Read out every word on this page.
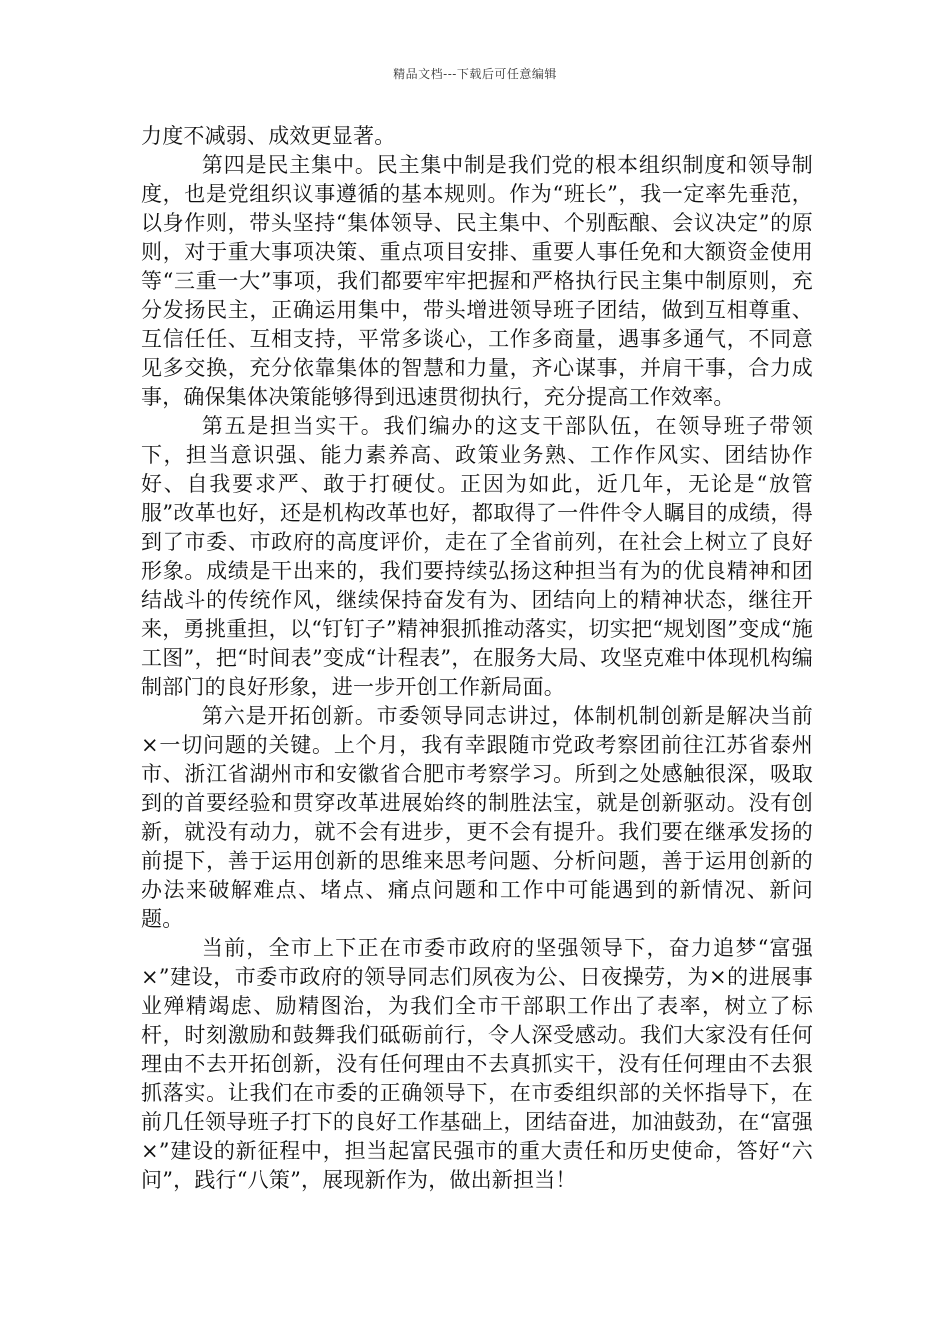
精品文档---下载后可任意编辑

力度不减弱、成效更显著。

第四是民主集中。民主集中制是我们党的根本组织制度和领导制度，也是党组织议事遵循的基本规则。作为“班长”，我一定率先垂范，以身作则，带头坚持“集体领导、民主集中、个别酝酿、会议决定”的原则，对于重大事项决策、重点项目安排、重要人事任免和大额资金使用等“三重一大”事项，我们都要牢牢把握和严格执行民主集中制原则，充分发扬民主，正确运用集中，带头增进领导班子团结，做到互相尊重、互信任任、互相支持，平常多谈心，工作多商量，遇事多通气，不同意见多交换，充分依靠集体的智慧和力量，齐心谋事，并肩干事，合力成事，确保集体决策能够得到迅速贯彻执行，充分提高工作效率。

第五是担当实干。我们编办的这支干部队伍，在领导班子带领下，担当意识强、能力素养高、政策业务熟、工作作风实、团结协作好、自我要求严、敢于打硬仗。正因为如此，近几年，无论是“放管服”改革也好，还是机构改革也好，都取得了一件件令人瞩目的成绩，得到了市委、市政府的高度评价，走在了全省前列，在社会上树立了良好形象。成绩是干出来的，我们要持续弘扬这种担当有为的优良精神和团结战斗的传统作风，继续保持奋发有为、团结向上的精神状态，继往开来，勇挑重担，以“钉钉子”精神狠抓推动落实，切实把“规划图”变成“施工图”，把“时间表”变成“计程表”，在服务大局、攻坚克难中体现机构编制部门的良好形象，进一步开创工作新局面。

第六是开拓创新。市委领导同志讲过，体制机制创新是解决当前×一切问题的关键。上个月，我有幸跟随市党政考察团前往江苏省泰州市、浙江省湖州市和安徽省合肥市考察学习。所到之处感触很深，吸取到的首要经验和贯穿改革进展始终的制胜法宝，就是创新驱动。没有创新，就没有动力，就不会有进步，更不会有提升。我们要在继承发扬的前提下，善于运用创新的思维来思考问题、分析问题，善于运用创新的办法来破解难点、堵点、痛点问题和工作中可能遇到的新情况、新问题。

当前，全市上下正在市委市政府的坚强领导下，奋力追梦“富强×”建设，市委市政府的领导同志们夙夜为公、日夜操劳，为×的进展事业殚精竭虑、励精图治，为我们全市干部职工作出了表率，树立了标杆，时刻激励和鼓舞我们砥砺前行，令人深受感动。我们大家没有任何理由不去开拓创新，没有任何理由不去真抓实干，没有任何理由不去狠抓落实。让我们在市委的正确领导下，在市委组织部的关怀指导下，在前几任领导班子打下的良好工作基础上，团结奋进，加油鼓劲，在“富强×”建设的新征程中，担当起富民强市的重大责任和历史使命，答好“六问”，践行“八策”，展现新作为，做出新担当！
